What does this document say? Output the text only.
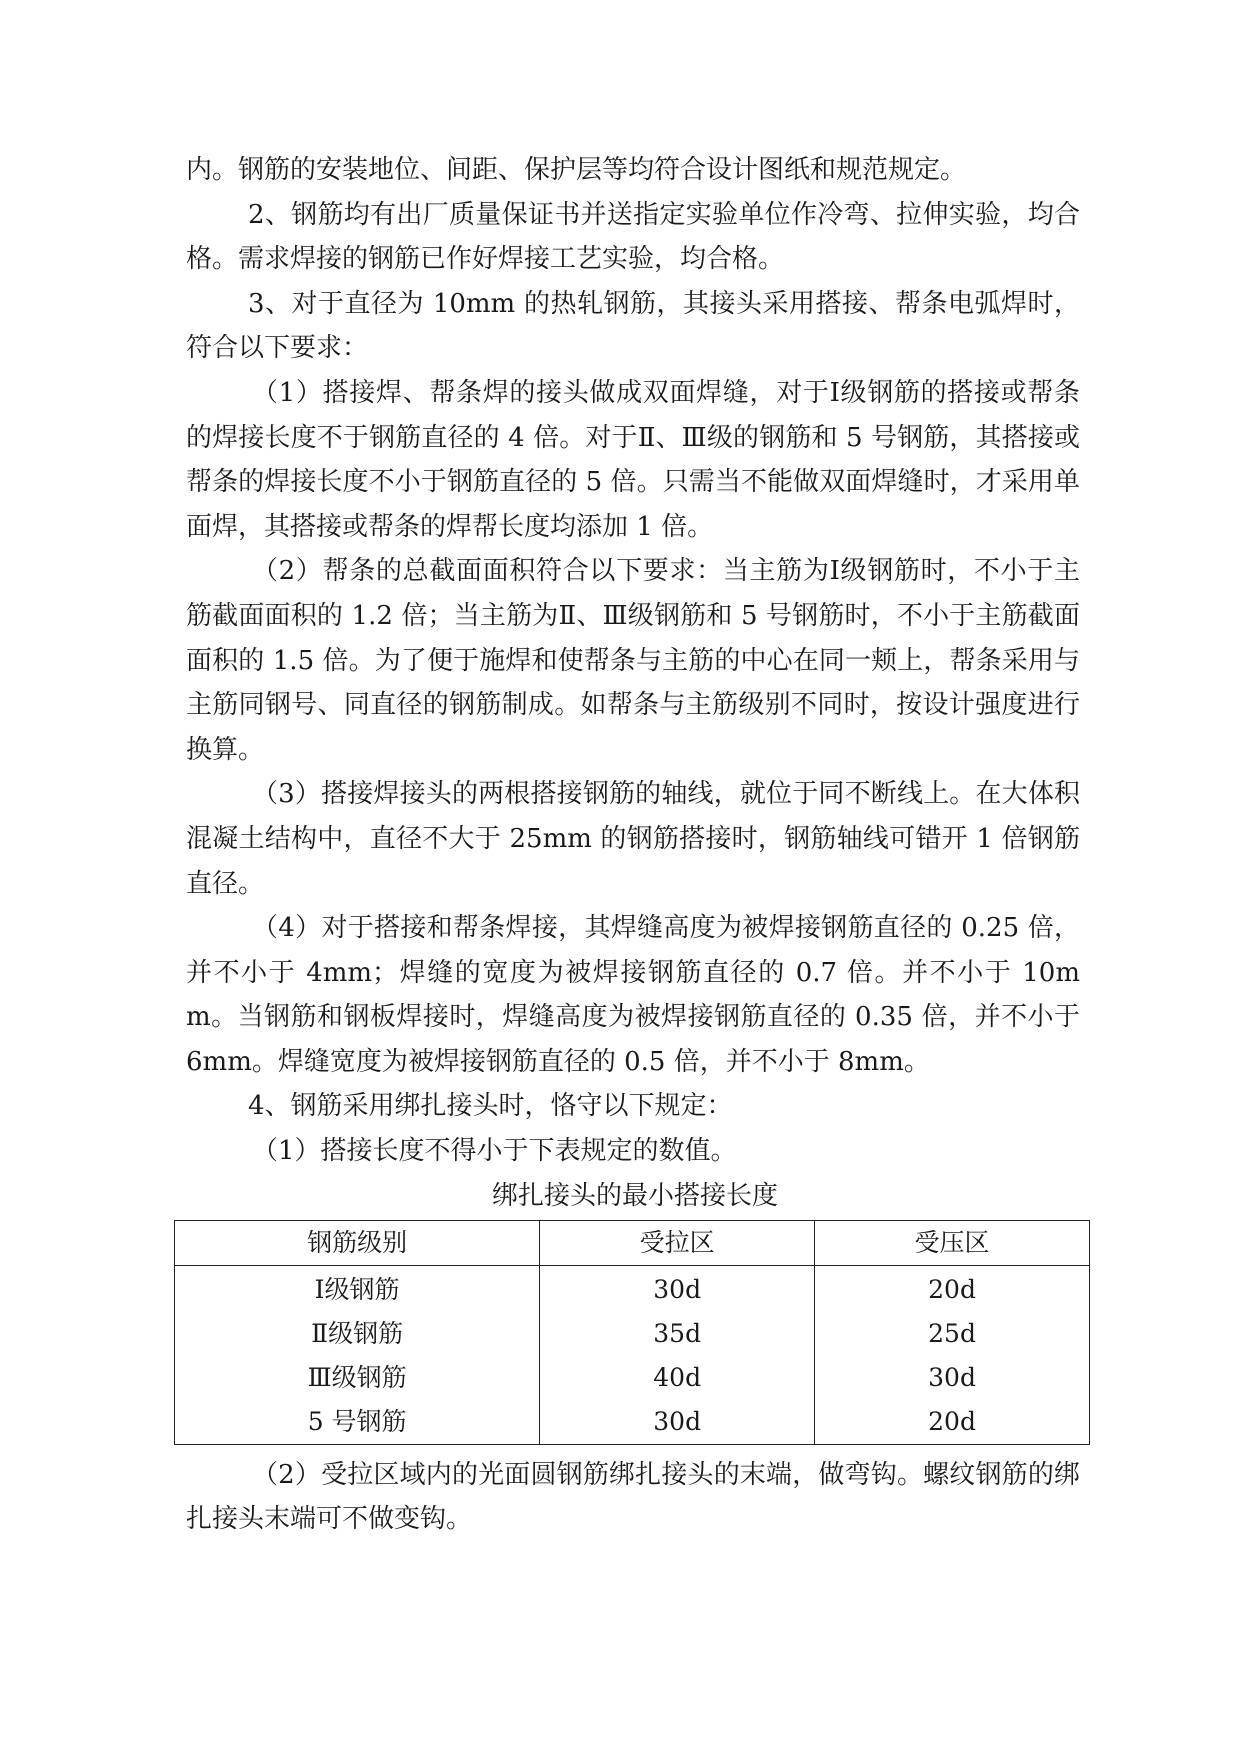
内。钢筋的安装地位、间距、保护层等均符合设计图纸和规范规定。

2、钢筋均有出厂质量保证书并送指定实验单位作冷弯、拉伸实验，均合格。需求焊接的钢筋已作好焊接工艺实验，均合格。

3、对于直径为 10mm 的热轧钢筋，其接头采用搭接、帮条电弧焊时，符合以下要求：

（1）搭接焊、帮条焊的接头做成双面焊缝，对于Ⅰ级钢筋的搭接或帮条的焊接长度不于钢筋直径的 4 倍。对于Ⅱ、Ⅲ级的钢筋和 5 号钢筋，其搭接或帮条的焊接长度不小于钢筋直径的 5 倍。只需当不能做双面焊缝时，才采用单面焊，其搭接或帮条的焊帮长度均添加 1 倍。

（2）帮条的总截面面积符合以下要求：当主筋为Ⅰ级钢筋时，不小于主筋截面面积的 1.2 倍；当主筋为Ⅱ、Ⅲ级钢筋和 5 号钢筋时，不小于主筋截面面积的 1.5 倍。为了便于施焊和使帮条与主筋的中心在同一颊上，帮条采用与主筋同钢号、同直径的钢筋制成。如帮条与主筋级别不同时，按设计强度进行换算。

（3）搭接焊接头的两根搭接钢筋的轴线，就位于同不断线上。在大体积混凝土结构中，直径不大于 25mm 的钢筋搭接时，钢筋轴线可错开 1 倍钢筋直径。

（4）对于搭接和帮条焊接，其焊缝高度为被焊接钢筋直径的 0.25 倍，并不小于 4mm；焊缝的宽度为被焊接钢筋直径的 0.7 倍。并不小于 10mm。当钢筋和钢板焊接时，焊缝高度为被焊接钢筋直径的 0.35 倍，并不小于 6mm。焊缝宽度为被焊接钢筋直径的 0.5 倍，并不小于 8mm。

4、钢筋采用绑扎接头时，恪守以下规定：

（1）搭接长度不得小于下表规定的数值。

绑扎接头的最小搭接长度

钢筋级别	受拉区	受压区
Ⅰ级钢筋	30d	20d
Ⅱ级钢筋	35d	25d
Ⅲ级钢筋	40d	30d
5 号钢筋	30d	20d

（2）受拉区域内的光面圆钢筋绑扎接头的末端，做弯钩。螺纹钢筋的绑扎接头末端可不做变钩。
